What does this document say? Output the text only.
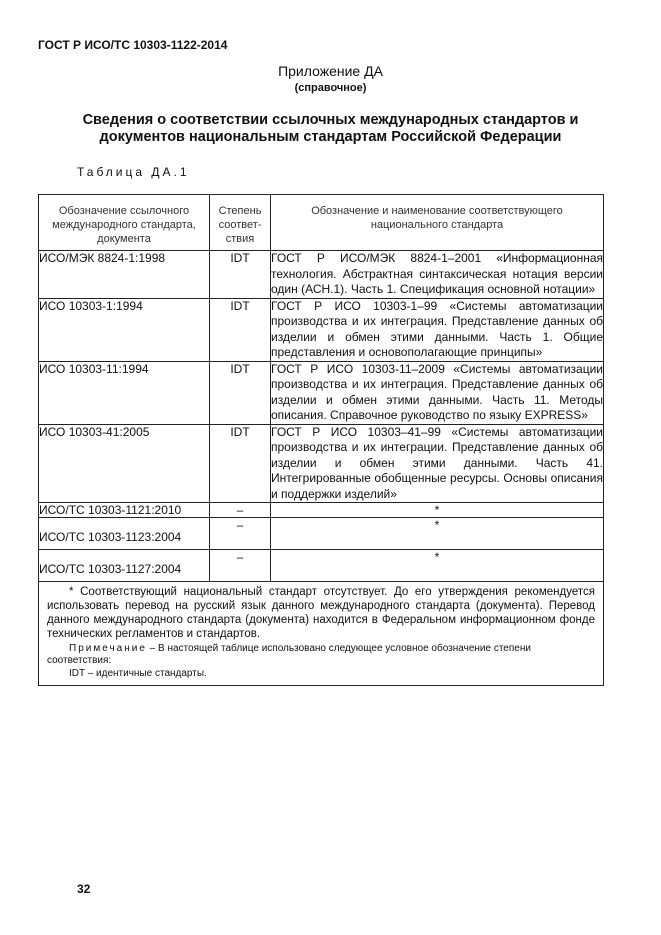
ГОСТ Р ИСО/ТС 10303-1122-2014
Приложение ДА
(справочное)
Сведения о соответствии ссылочных международных стандартов и
документов национальным стандартам Российской Федерации
Таблица ДА.1
Обозначение ссылочного международного стандарта, документа	Степень соответ-ствия	Обозначение и наименование соответствующего национального стандарта
ИСО/МЭК 8824-1:1998	IDT	ГОСТ Р ИСО/МЭК 8824-1–2001 «Информационная технология. Абстрактная синтаксическая нотация версии один (АСН.1). Часть 1. Спецификация основной нотации»
ИСО 10303-1:1994	IDT	ГОСТ Р ИСО 10303-1–99 «Системы автоматизации производства и их интеграция. Представление данных об изделии и обмен этими данными. Часть 1. Общие представления и основополагающие принципы»
ИСО 10303-11:1994	IDT	ГОСТ Р ИСО 10303-11–2009 «Системы автоматизации производства и их интеграция. Представление данных об изделии и обмен этими данными. Часть 11. Методы описания. Справочное руководство по языку EXPRESS»
ИСО 10303-41:2005	IDT	ГОСТ Р ИСО 10303–41–99 «Системы автоматизации производства и их интеграции. Представление данных об изделии и обмен этими данными. Часть 41. Интегрированные обобщенные ресурсы. Основы описания и поддержки изделий»
ИСО/ТС 10303-1121:2010	–	*
ИСО/ТС 10303-1123:2004	–	*
ИСО/ТС 10303-1127:2004	–	*

* Соответствующий национальный стандарт отсутствует. До его утверждения рекомендуется использовать перевод на русский язык данного международного стандарта (документа). Перевод данного международного стандарта (документа) находится в Федеральном информационном фонде технических регламентов и стандартов.

Примечание – В настоящей таблице использовано следующее условное обозначение степени соответствия:

IDT – идентичные стандарты.		

32
